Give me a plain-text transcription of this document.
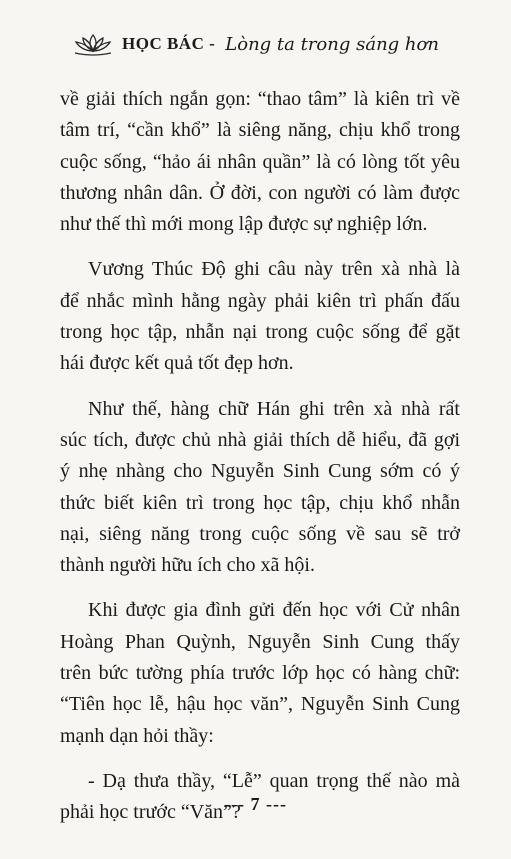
HỌC BÁC - Lòng ta trong sáng hơn
về giải thích ngắn gọn: “thao tâm” là kiên trì về
tâm trí, “cần khổ” là siêng năng, chịu khổ trong
cuộc sống, “hảo ái nhân quần” là có lòng tốt yêu
thương nhân dân. Ở đời, con người có làm được
như thế thì mới mong lập được sự nghiệp lớn.
Vương Thúc Độ ghi câu này trên xà nhà là
để nhắc mình hằng ngày phải kiên trì phấn đấu
trong học tập, nhẫn nại trong cuộc sống để gặt
hái được kết quả tốt đẹp hơn.
Như thế, hàng chữ Hán ghi trên xà nhà rất
súc tích, được chủ nhà giải thích dễ hiểu, đã gợi
ý nhẹ nhàng cho Nguyễn Sinh Cung sớm có ý
thức biết kiên trì trong học tập, chịu khổ nhẫn
nại, siêng năng trong cuộc sống về sau sẽ trở
thành người hữu ích cho xã hội.
Khi được gia đình gửi đến học với Cử nhân
Hoàng Phan Quỳnh, Nguyễn Sinh Cung thấy
trên bức tường phía trước lớp học có hàng chữ:
“Tiên học lễ, hậu học văn”, Nguyễn Sinh Cung
mạnh dạn hỏi thầy:
- Dạ thưa thầy, “Lễ” quan trọng thế nào mà
phải học trước “Văn”?
--- 7 ---
